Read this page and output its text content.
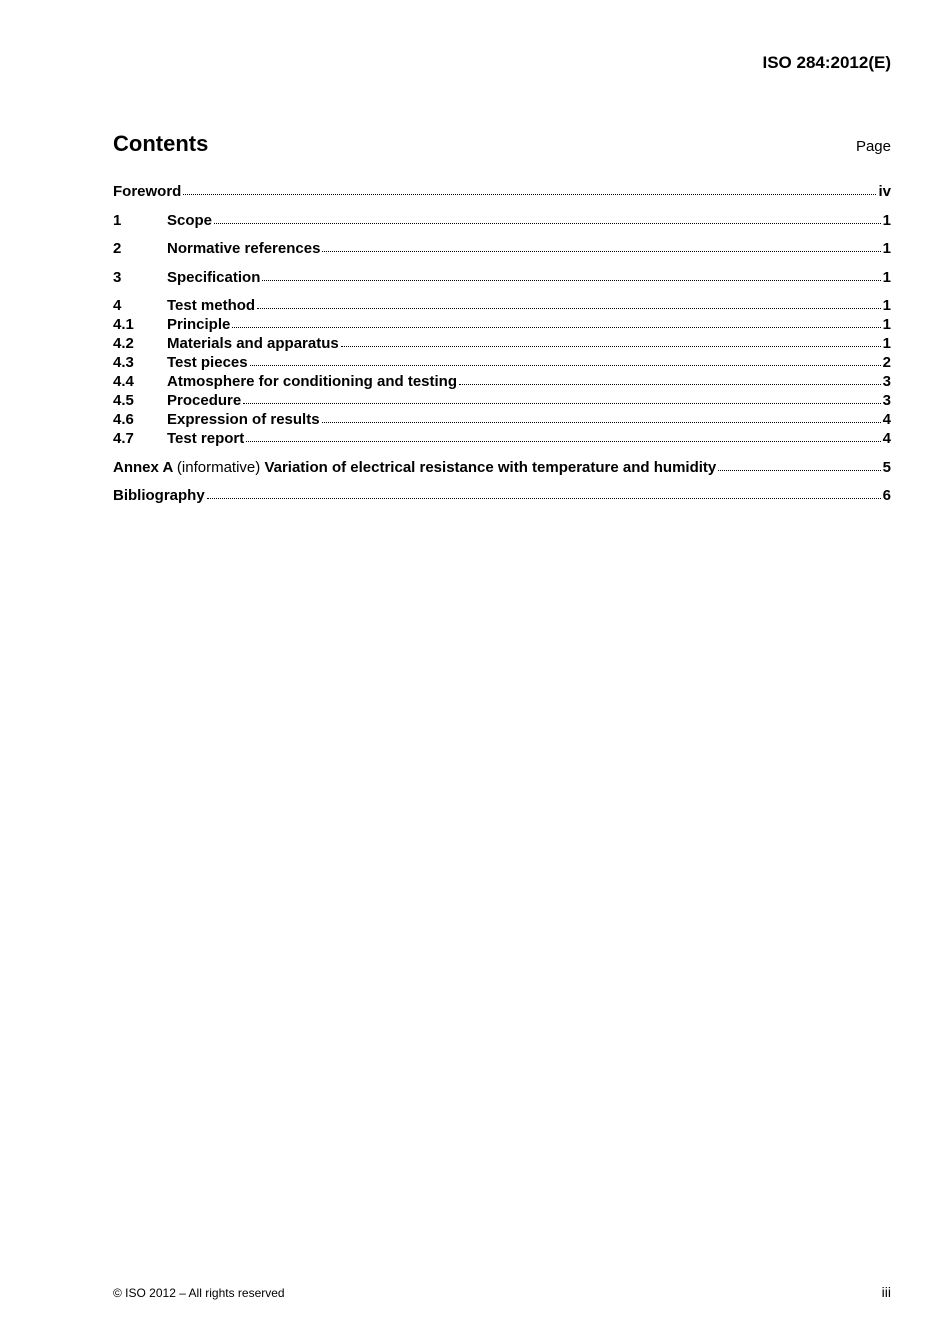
ISO 284:2012(E)
Contents	Page
Foreword	iv
1	Scope	1
2	Normative references	1
3	Specification	1
4	Test method	1
4.1	Principle	1
4.2	Materials and apparatus	1
4.3	Test pieces	2
4.4	Atmosphere for conditioning and testing	3
4.5	Procedure	3
4.6	Expression of results	4
4.7	Test report	4
Annex A (informative) Variation of electrical resistance with temperature and humidity	5
Bibliography	6
© ISO 2012 – All rights reserved	iii
